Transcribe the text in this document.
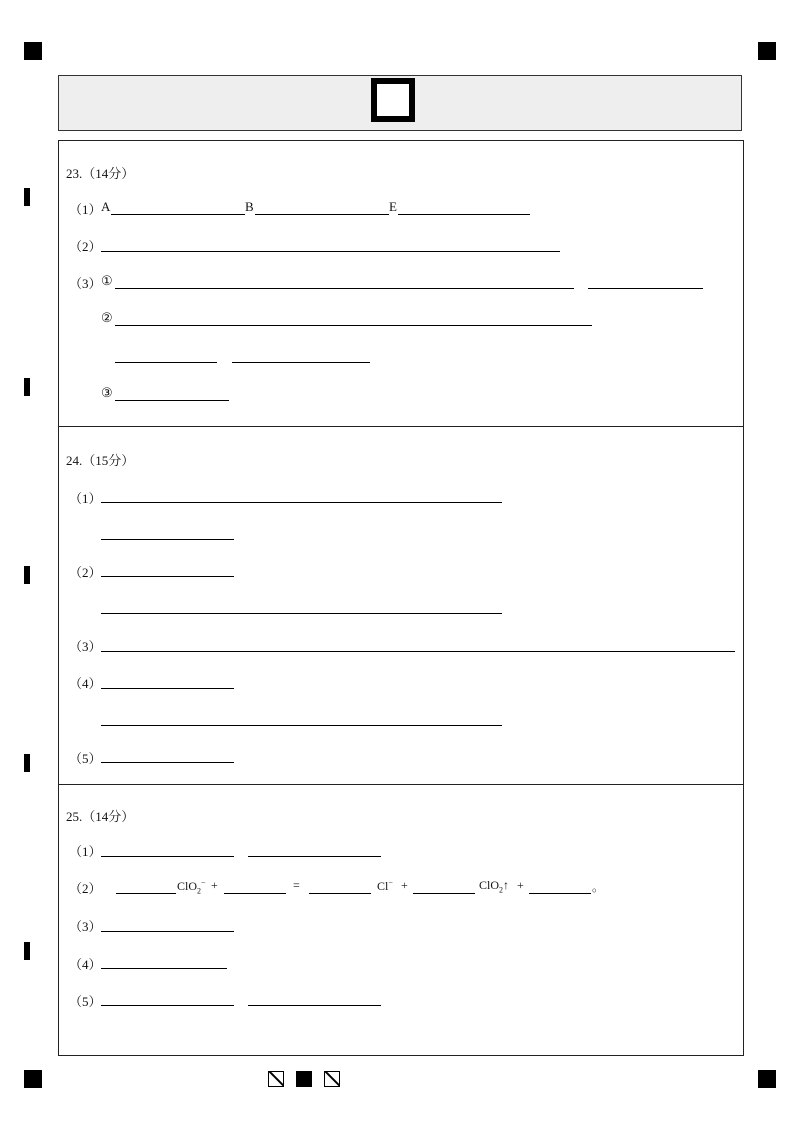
23.（14分）
（1） A	B	E
（2）
（3） ①
②
③
24.（15分）
（1）
（2）
（3）
（4）
（5）
25.（14分）
（1）
（2）	ClO$_2$− +	=	Cl− +	ClO$_2$↑ +	。
（3）
（4）
（5）
